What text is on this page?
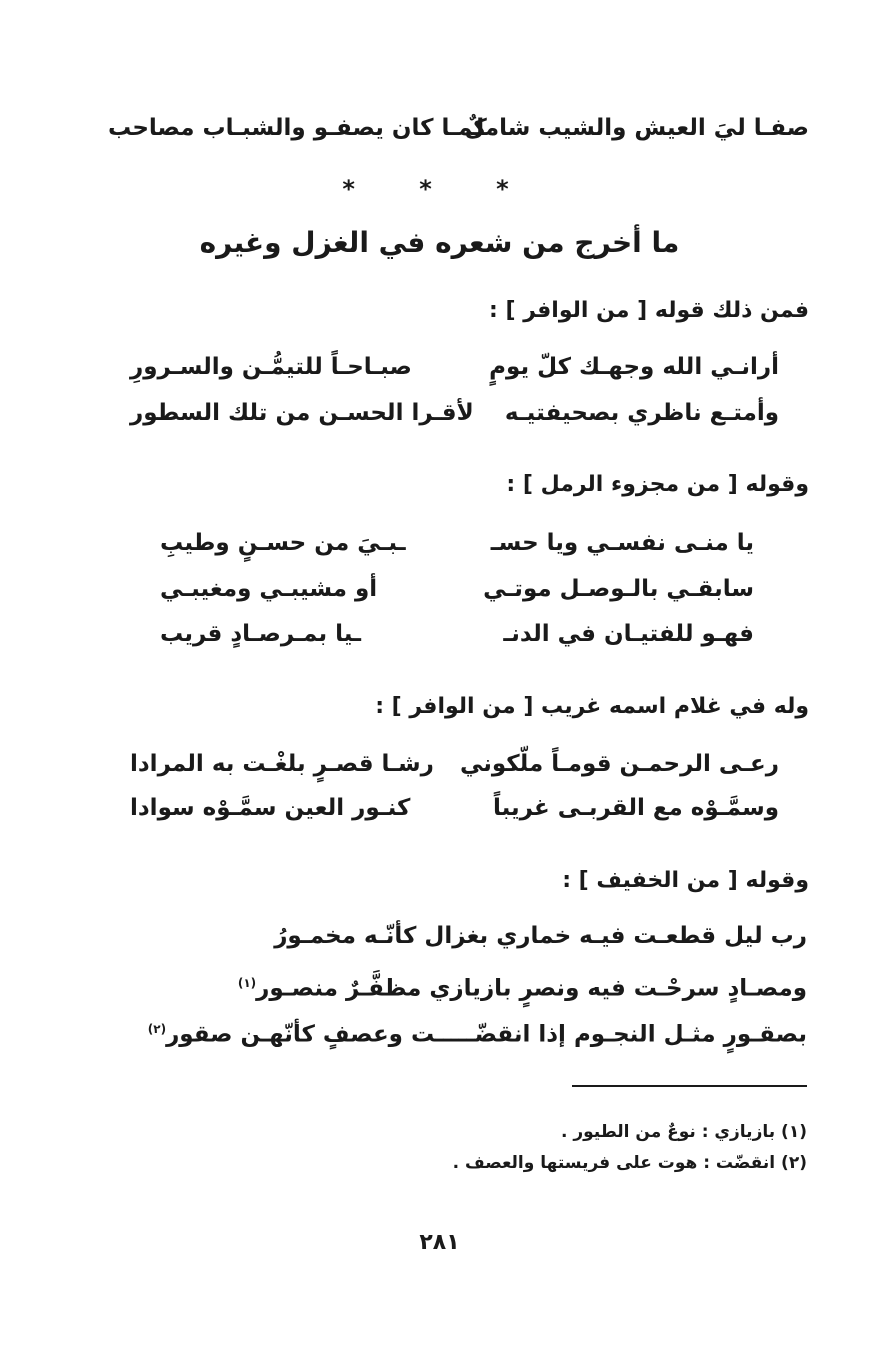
صفـا ليَ العيش والشيب شاملٌ
كمـا كان يصفـو والشبـاب مصاحب
* * *
ما أخرج من شعره في الغزل وغيره
فمن ذلك قوله [ من الوافر ] :
أرانـي الله وجهـك كلّ يومٍ
صبـاحـاً للتيمُّـن والسـرورِ
وأمتـع ناظري بصحيفتيـه
لأقـرا الحسـن من تلك السطور
وقوله [ من مجزوء الرمل ] :
يا منـى نفسـي ويا حسـ
ـبـيَ من حسـنٍ وطيبِ
سابقـي بالـوصـل موتـي
أو مشيبـي ومغيبـي
فهـو للفتيـان في الدنـ
ـيا بمـرصـادٍ قريب
وله في غلام اسمه غريب [ من الوافر ] :
رعـى الرحمـن قومـاً ملّكوني
رشـا قصـرٍ بلغْـت به المرادا
وسمَّـوْه مع القربـى غريباً
كنـور العين سمَّـوْه سوادا
وقوله [ من الخفيف ] :
رب ليل قطعـت فيـه خماري بغزال كأنّـه مخمـورُ
ومصـادٍ سرحْـت فيه ونصرٍ بازيازي مظفَّـرٌ منصـور$^{(١)}$
بصقـورٍ مثـل النجـوم إذا انقضّـــــت وعصفٍ كأنّهـن صقور$^{(٢)}$
(١) بازيازي : نوعٌ من الطيور .
(٢) انقضّت : هوت على فريستها والعصف .
٢٨١
